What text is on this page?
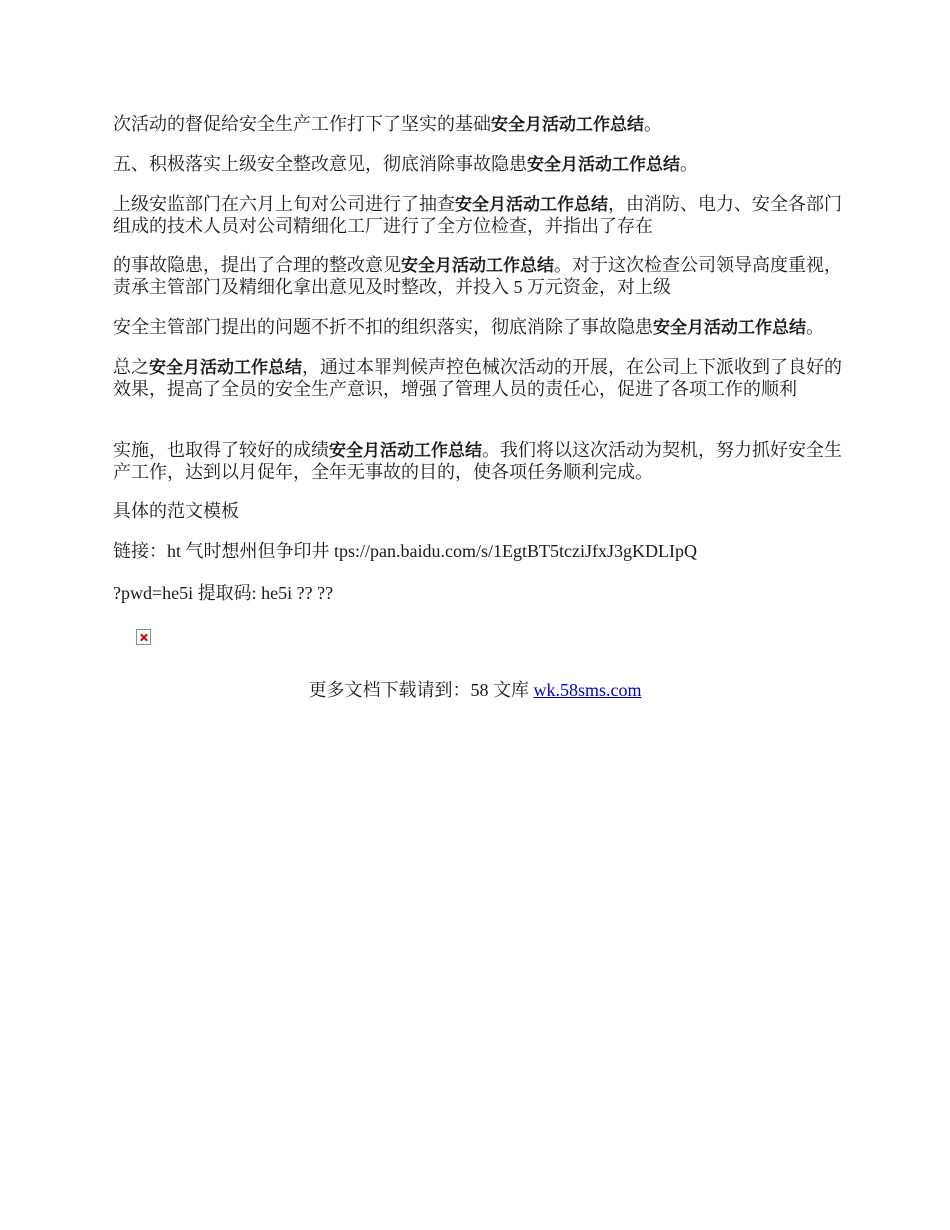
次活动的督促给安全生产工作打下了坚实的基础安全月活动工作总结。

五、积极落实上级安全整改意见，彻底消除事故隐患安全月活动工作总结。

上级安监部门在六月上旬对公司进行了抽查安全月活动工作总结，由消防、电力、安全各部门组成的技术人员对公司精细化工厂进行了全方位检查，并指出了存在

的事故隐患，提出了合理的整改意见安全月活动工作总结。对于这次检查公司领导高度重视，责承主管部门及精细化拿出意见及时整改，并投入 5 万元资金，对上级

安全主管部门提出的问题不折不扣的组织落实，彻底消除了事故隐患安全月活动工作总结。

总之安全月活动工作总结，通过本罪判候声控色械次活动的开展，在公司上下派收到了良好的效果，提高了全员的安全生产意识，增强了管理人员的责任心，促进了各项工作的顺利

实施，也取得了较好的成绩安全月活动工作总结。我们将以这次活动为契机，努力抓好安全生产工作，达到以月促年，全年无事故的目的，使各项任务顺利完成。

具体的范文模板

链接：ht 气时想州但争印井 tps://pan.baidu.com/s/1EgtBT5tcziJfxJ3gKDLIpQ

?pwd=he5i 提取码: he5i ?? ??

更多文档下载请到：58 文库 wk.58sms.com
